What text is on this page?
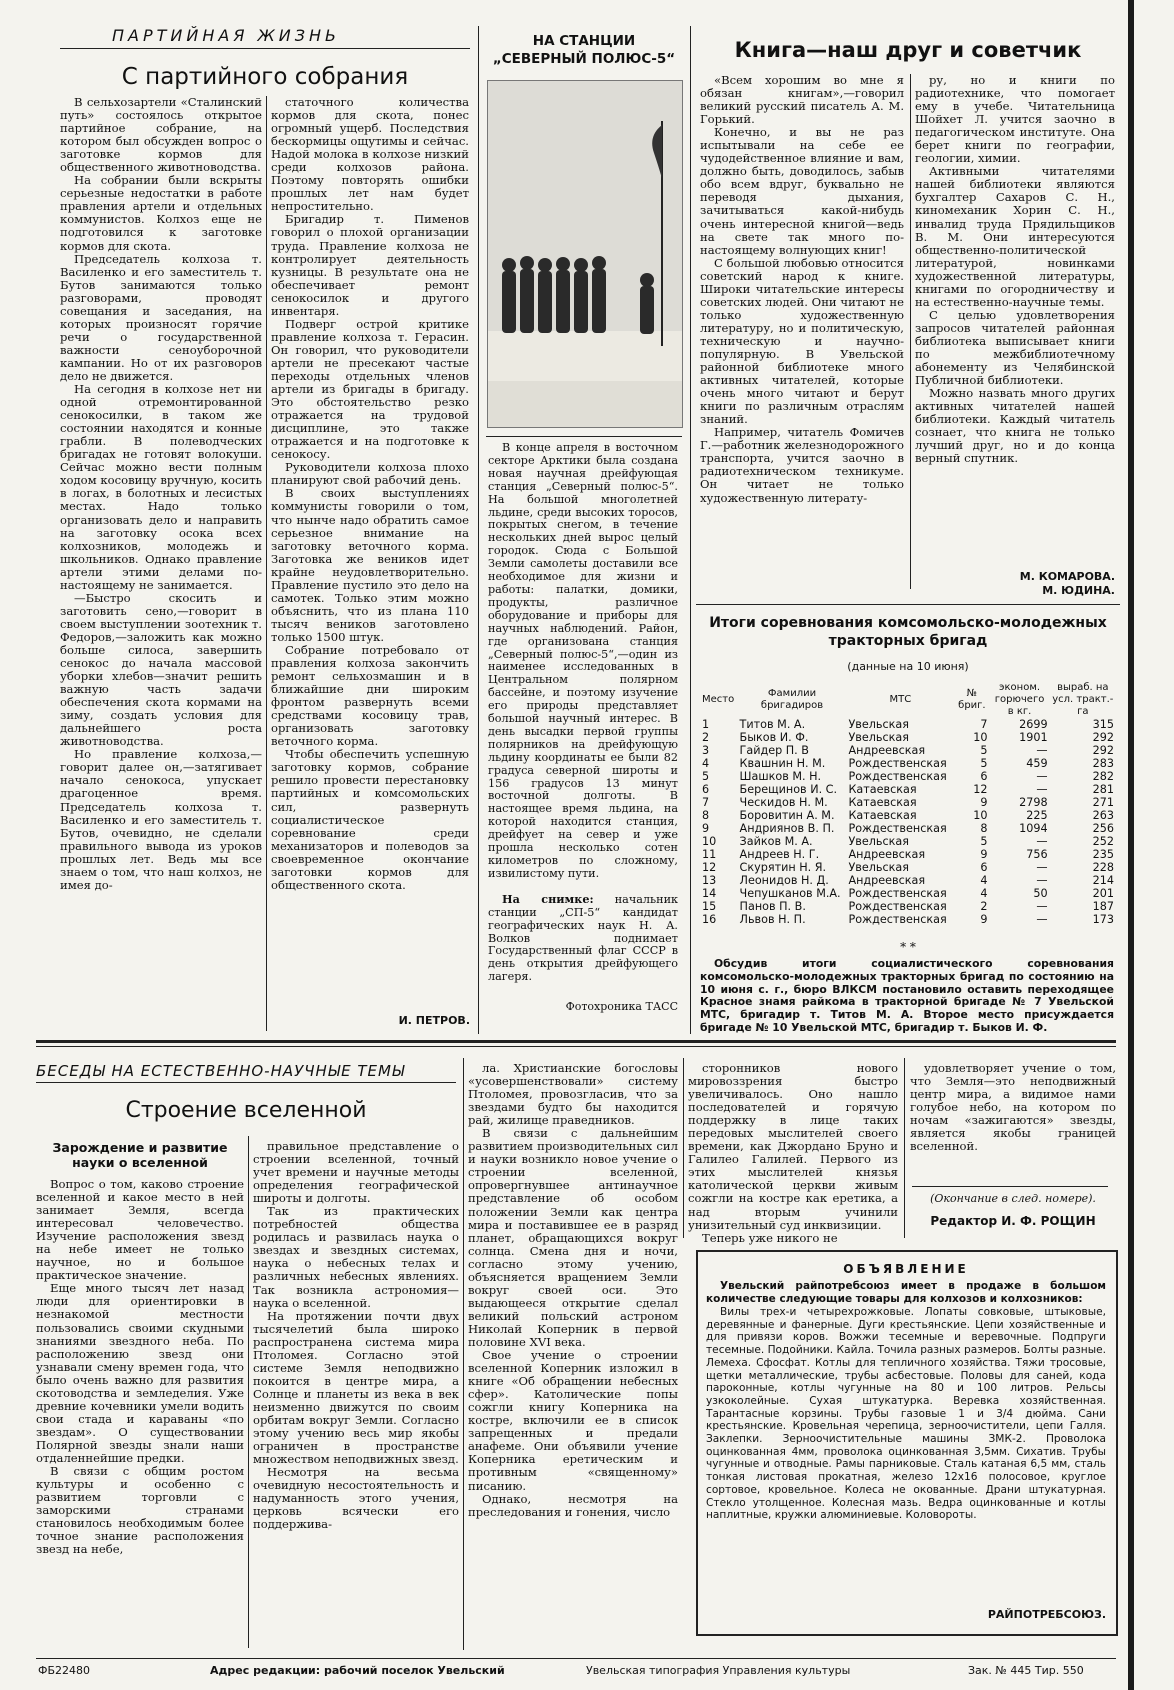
ПАРТИЙНАЯ ЖИЗНЬ
С партийного собрания

В сельхозартели «Сталинский путь» состоялось открытое партийное собрание, на котором был обсужден вопрос о заготовке кормов для общественного животноводства.

На собрании были вскрыты серьезные недостатки в работе правления артели и отдельных коммунистов. Колхоз еще не подготовился к заготовке кормов для скота.

Председатель колхоза т. Василенко и его заместитель т. Бутов занимаются только разговорами, проводят совещания и заседания, на которых произносят горячие речи о государственной важности сеноуборочной кампании. Но от их разговоров дело не движется.

На сегодня в колхозе нет ни одной отремонтированной сенокосилки, в таком же состоянии находятся и конные грабли. В полеводческих бригадах не готовят волокуши. Сейчас можно вести полным ходом косовицу вручную, косить в логах, в болотных и лесистых местах. Надо только организовать дело и направить на заготовку осока всех колхозников, молодежь и школьников. Однако правление артели этими делами по-настоящему не занимается.

—Быстро скосить и заготовить сено,—говорит в своем выступлении зоотехник т. Федоров,—заложить как можно больше силоса, завершить сенокос до начала массовой уборки хлебов—значит решить важную часть задачи обеспечения скота кормами на зиму, создать условия для дальнейшего роста животноводства.

Но правление колхоза,—говорит далее он,—затягивает начало сенокоса, упускает драгоценное время. Председатель колхоза т. Василенко и его заместитель т. Бутов, очевидно, не сделали правильного вывода из уроков прошлых лет. Ведь мы все знаем о том, что наш колхоз, не имея до-

статочного количества кормов для скота, понес огромный ущерб. Последствия бескормицы ощутимы и сейчас. Надой молока в колхозе низкий среди колхозов района. Поэтому повторять ошибки прошлых лет нам будет непростительно.

Бригадир т. Пименов говорил о плохой организации труда. Правление колхоза не контролирует деятельность кузницы. В результате она не обеспечивает ремонт сенокосилок и другого инвентаря.

Подверг острой критике правление колхоза т. Герасин. Он говорил, что руководители артели не пресекают частые переходы отдельных членов артели из бригады в бригаду. Это обстоятельство резко отражается на трудовой дисциплине, это также отражается и на подготовке к сенокосу.

Руководители колхоза плохо планируют свой рабочий день.

В своих выступлениях коммунисты говорили о том, что нынче надо обратить самое серьезное внимание на заготовку веточного корма. Заготовка же веников идет крайне неудовлетворительно. Правление пустило это дело на самотек. Только этим можно объяснить, что из плана 110 тысяч веников заготовлено только 1500 штук.

Собрание потребовало от правления колхоза закончить ремонт сельхозмашин и в ближайшие дни широким фронтом развернуть всеми средствами косовицу трав, организовать заготовку веточного корма.

Чтобы обеспечить успешную заготовку кормов, собрание решило провести перестановку партийных и комсомольских сил, развернуть социалистическое соревнование среди механизаторов и полеводов за своевременное окончание заготовки кормов для общественного скота.

И. ПЕТРОВ.
НА СТАНЦИИ
„СЕВЕРНЫЙ ПОЛЮС-5“

В конце апреля в восточном секторе Арктики была создана новая научная дрейфующая станция „Северный полюс-5“. На большой многолетней льдине, среди высоких торосов, покрытых снегом, в течение нескольких дней вырос целый городок. Сюда с Большой Земли самолеты доставили все необходимое для жизни и работы: палатки, домики, продукты, различное оборудование и приборы для научных наблюдений. Район, где организована станция „Северный полюс-5“,—один из наименее исследованных в Центральном полярном бассейне, и поэтому изучение его природы представляет большой научный интерес. В день высадки первой группы полярников на дрейфующую льдину координаты ее были 82 градуса северной широты и 156 градусов 13 минут восточной долготы. В настоящее время льдина, на которой находится станция, дрейфует на север и уже прошла несколько сотен километров по сложному, извилистому пути.

На снимке: начальник станции „СП-5“ кандидат географических наук Н. А. Волков поднимает Государственный флаг СССР в день открытия дрейфующего лагеря.

Фотохроника ТАСС
Книга—наш друг и советчик

«Всем хорошим во мне я обязан книгам»,—говорил великий русский писатель А. М. Горький.

Конечно, и вы не раз испытывали на себе ее чудодейственное влияние и вам, должно быть, доводилось, забыв обо всем вдруг, буквально не переводя дыхания, зачитываться какой-нибудь очень интересной книгой—ведь на свете так много по-настоящему волнующих книг!

С большой любовью относится советский народ к книге. Широки читательские интересы советских людей. Они читают не только художественную литературу, но и политическую, техническую и научно-популярную. В Увельской районной библиотеке много активных читателей, которые очень много читают и берут книги по различным отраслям знаний.

Например, читатель Фомичев Г.—работник железнодорожного транспорта, учится заочно в радиотехническом техникуме. Он читает не только художественную литерату-

ру, но и книги по радиотехнике, что помогает ему в учебе. Читательница Шойхет Л. учится заочно в педагогическом институте. Она берет книги по географии, геологии, химии.

Активными читателями нашей библиотеки являются бухгалтер Сахаров С. Н., киномеханик Хорин С. Н., инвалид труда Прядильщиков В. М. Они интересуются общественно-политической литературой, новинками художественной литературы, книгами по огородничеству и на естественно-научные темы.

С целью удовлетворения запросов читателей районная библиотека выписывает книги по межбиблиотечному абонементу из Челябинской Публичной библиотеки.

Можно назвать много других активных читателей нашей библиотеки. Каждый читатель сознает, что книга не только лучший друг, но и до конца верный спутник.

М. КОМАРОВА.
М. ЮДИНА.
Итоги соревнования комсомольско-молодежных
тракторных бригад
(данные на 10 июня)
Место	Фамилии бригадиров	МТС	№ бриг.	эконом. горючего в кг.	выраб. на усл. тракт.-га
1	Титов М. А.	Увельская	7	2699	315
2	Быков И. Ф.	Увельская	10	1901	292
3	Гайдер П. В	Андреевская	5	—	292
4	Квашнин Н. М.	Рождественская	5	459	283
5	Шашков М. Н.	Рождественская	6	—	282
6	Берещинов И. С.	Катаевская	12	—	281
7	Ческидов Н. М.	Катаевская	9	2798	271
8	Боровитин А. М.	Катаевская	10	225	263
9	Андриянов В. П.	Рождественская	8	1094	256
10	Зайков М. А.	Увельская	5	—	252
11	Андреев Н. Г.	Андреевская	9	756	235
12	Скурятин Н. Я.	Увельская	6	—	228
13	Леонидов Н. Д.	Андреевская	4	—	214
14	Чепушканов М.А.	Рождественская	4	50	201
15	Панов П. В.	Рождественская	2	—	187
16	Львов Н. П.	Рождественская	9	—	173
* *

Обсудив итоги социалистического соревнования комсомольско-молодежных тракторных бригад по состоянию на 10 июня с. г., бюро ВЛКСМ постановило оставить переходящее Красное знамя райкома в тракторной бригаде № 7 Увельской МТС, бригадир т. Титов М. А. Второе место присуждается бригаде № 10 Увельской МТС, бригадир т. Быков И. Ф.

БЕСЕДЫ НА ЕСТЕСТВЕННО-НАУЧНЫЕ ТЕМЫ
Строение вселенной
Зарождение и развитие науки о вселенной

Вопрос о том, каково строение вселенной и какое место в ней занимает Земля, всегда интересовал человечество. Изучение расположения звезд на небе имеет не только научное, но и большое практическое значение.

Еще много тысяч лет назад люди для ориентировки в незнакомой местности пользовались своими скудными знаниями звездного неба. По расположению звезд они узнавали смену времен года, что было очень важно для развития скотоводства и земледелия. Уже древние кочевники умели водить свои стада и караваны «по звездам». О существовании Полярной звезды знали наши отдаленнейшие предки.

В связи с общим ростом культуры и особенно с развитием торговли с заморскими странами становилось необходимым более точное знание расположения звезд на небе,

правильное представление о строении вселенной, точный учет времени и научные методы определения географической широты и долготы.

Так из практических потребностей общества родилась и развилась наука о звездах и звездных системах, наука о небесных телах и различных небесных явлениях. Так возникла астрономия—наука о вселенной.

На протяжении почти двух тысячелетий была широко распространена система мира Птоломея. Согласно этой системе Земля неподвижно покоится в центре мира, а Солнце и планеты из века в век неизменно движутся по своим орбитам вокруг Земли. Согласно этому учению весь мир якобы ограничен в пространстве множеством неподвижных звезд.

Несмотря на весьма очевидную несостоятельность и надуманность этого учения, церковь всячески его поддержива-

ла. Христианские богословы «усовершенствовали» систему Птоломея, провозгласив, что за звездами будто бы находится рай, жилище праведников.

В связи с дальнейшим развитием производительных сил и науки возникло новое учение о строении вселенной, опровергнувшее антинаучное представление об особом положении Земли как центра мира и поставившее ее в разряд планет, обращающихся вокруг солнца. Смена дня и ночи, согласно этому учению, объясняется вращением Земли вокруг своей оси. Это выдающееся открытие сделал великий польский астроном Николай Коперник в первой половине XVI века.

Свое учение о строении вселенной Коперник изложил в книге «Об обращении небесных сфер». Католические попы сожгли книгу Коперника на костре, включили ее в список запрещенных и предали анафеме. Они объявили учение Коперника еретическим и противным «священному» писанию.

Однако, несмотря на преследования и гонения, число

сторонников нового мировоззрения быстро увеличивалось. Оно нашло последователей и горячую поддержку в лице таких передовых мыслителей своего времени, как Джордано Бруно и Галилео Галилей. Первого из этих мыслителей князья католической церкви живым сожгли на костре как еретика, а над вторым учинили унизительный суд инквизиции.

Теперь уже никого не

удовлетворяет учение о том, что Земля—это неподвижный центр мира, а видимое нами голубое небо, на котором по ночам «зажигаются» звезды, является якобы границей вселенной.

(Окончание в след. номере).
Редактор И. Ф. РОЩИН
ОБЪЯВЛЕНИЕ

Увельский райпотребсоюз имеет в продаже в большом количестве следующие товары для колхозов и колхозников:

Вилы трех-и четырехрожковые. Лопаты совковые, штыковые, деревянные и фанерные. Дуги крестьянские. Цепи хозяйственные и для привязи коров. Вожжи тесемные и веревочные. Подпруги тесемные. Подойники. Кайла. Точила разных размеров. Болты разные. Лемеха. Сфосфат. Котлы для тепличного хозяйства. Тяжи тросовые, щетки металлические, трубы асбестовые. Половы для саней, кода пароконные, котлы чугунные на 80 и 100 литров. Рельсы узкоколейные. Сухая штукатурка. Веревка хозяйственная. Тарантасные корзины. Трубы газовые 1 и 3/4 дюйма. Сани крестьянские. Кровельная черепица, зерноочистители, цепи Галля. Заклепки. Зерноочистительные машины ЗМК-2. Проволока оцинкованная 4мм, проволока оцинкованная 3,5мм. Сихатив. Трубы чугунные и отводные. Рамы парниковые. Сталь катаная 6,5 мм, сталь тонкая листовая прокатная, железо 12х16 полосовое, круглое сортовое, кровельное. Колеса не окованные. Драни штукатурная. Стекло утолщенное. Колесная мазь. Ведра оцинкованные и котлы наплитные, кружки алюминиевые. Коловороты.

РАЙПОТРЕБСОЮЗ.
ФБ22480	Адрес редакции: рабочий поселок Увельский	Увельская типография Управления культуры	Зак. № 445 Тир. 550
